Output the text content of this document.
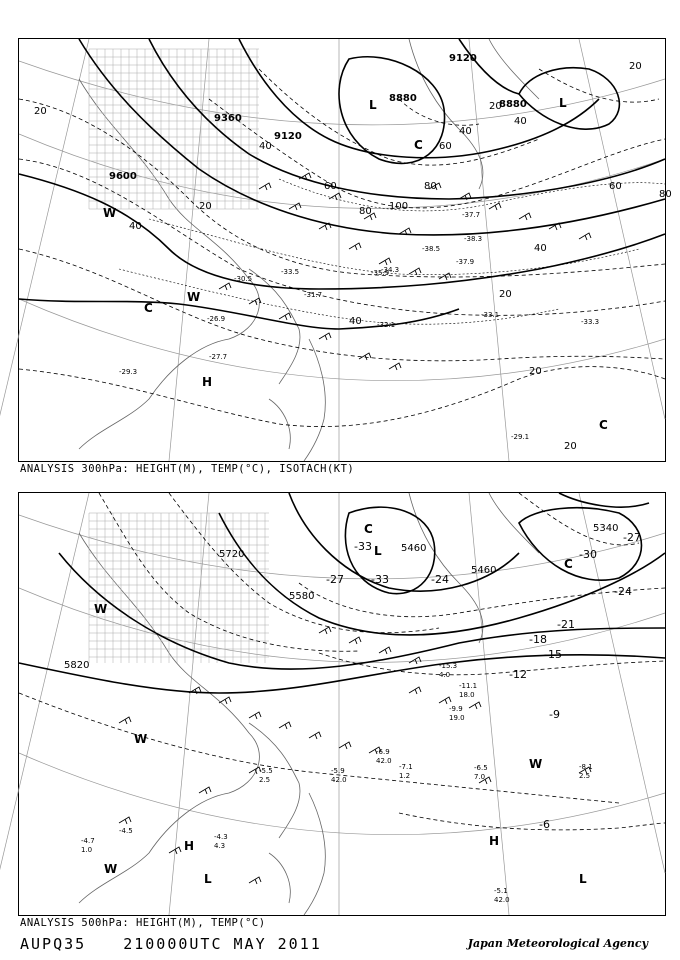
9600
9360
9120
8880
8880
9120
20
40
20
40
60
80 100
80
60
40
20
40
60
80
40
20
40
20
20
20
-37.7
-38.3
-33.5
-30.5
-35.9
-32.1
-29.1
-27.7
-29.3
-26.9	-33.1
-33.3
-31.7
-34.3
-38.5
-37.9
L	L
C
C
H
W
W
C
ANALYSIS 300hPa: HEIGHT(M), TEMP(°C), ISOTACH(KT)
5820
5720
5580
5460
5460
5340
-33
-33
-27	-24
-30
-27
-24
-21
-18
-15
-12
-9
-6
-6.9
42.0
-5.5
2.5
-4.3
4.3
-4.5
-8.1
2.5
-6.5
7.0
-5.1
42.0
-7.1
1.2
-11.1
18.0
-9.9
19.0
-15.3
4.0
-4.7
1.0
-5.9
42.0
C
L
C
W
W
H
L
H
L
W
W
ANALYSIS 500hPa: HEIGHT(M), TEMP(°C)
AUPQ35 210000UTC MAY 2011	Japan Meteorological Agency
